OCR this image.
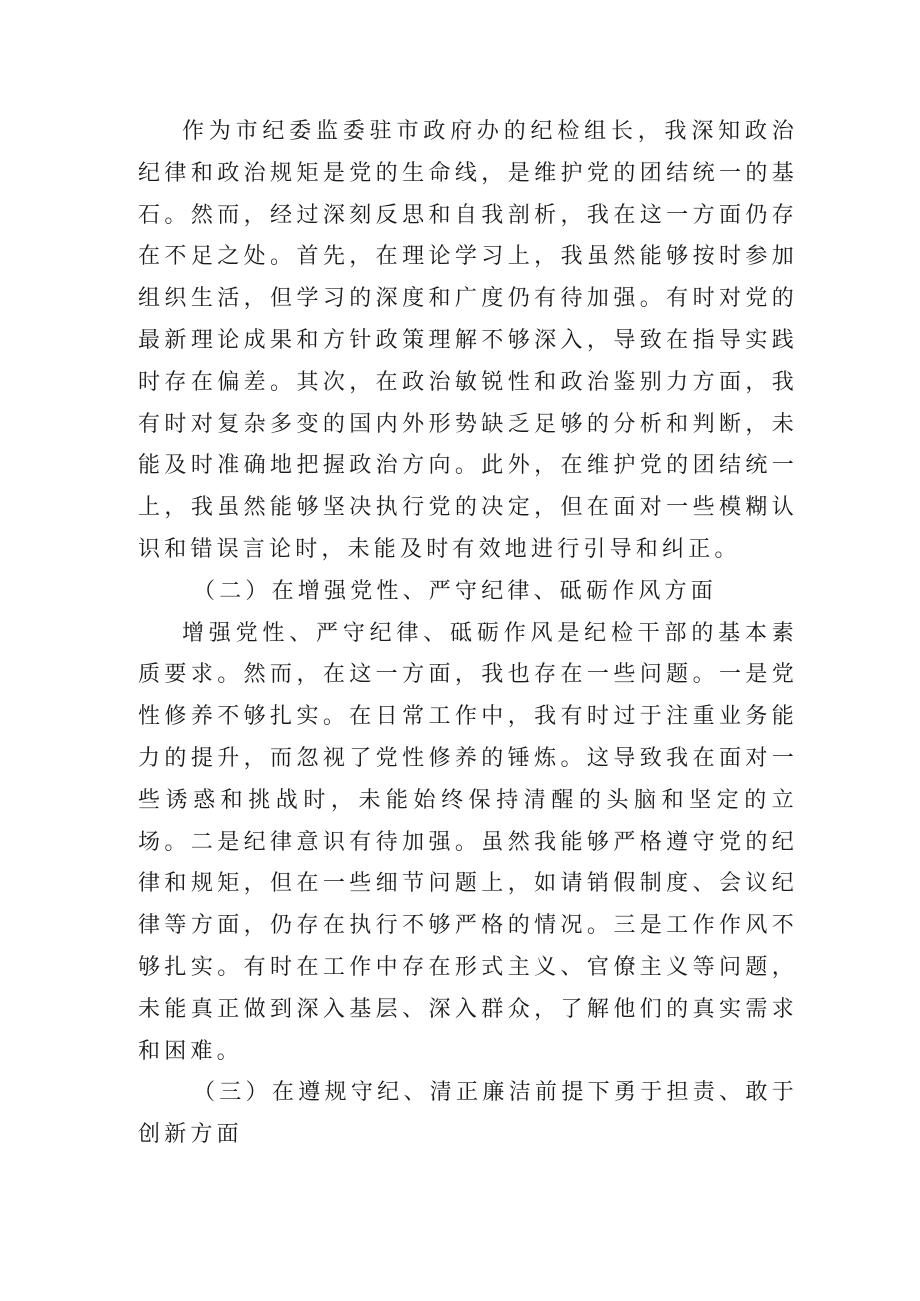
作为市纪委监委驻市政府办的纪检组长，我深知政治纪律和政治规矩是党的生命线，是维护党的团结统一的基石。然而，经过深刻反思和自我剖析，我在这一方面仍存在不足之处。首先，在理论学习上，我虽然能够按时参加组织生活，但学习的深度和广度仍有待加强。有时对党的最新理论成果和方针政策理解不够深入，导致在指导实践时存在偏差。其次，在政治敏锐性和政治鉴别力方面，我有时对复杂多变的国内外形势缺乏足够的分析和判断，未能及时准确地把握政治方向。此外，在维护党的团结统一上，我虽然能够坚决执行党的决定，但在面对一些模糊认识和错误言论时，未能及时有效地进行引导和纠正。

（二）在增强党性、严守纪律、砥砺作风方面

增强党性、严守纪律、砥砺作风是纪检干部的基本素质要求。然而，在这一方面，我也存在一些问题。一是党性修养不够扎实。在日常工作中，我有时过于注重业务能力的提升，而忽视了党性修养的锤炼。这导致我在面对一些诱惑和挑战时，未能始终保持清醒的头脑和坚定的立场。二是纪律意识有待加强。虽然我能够严格遵守党的纪律和规矩，但在一些细节问题上，如请销假制度、会议纪律等方面，仍存在执行不够严格的情况。三是工作作风不够扎实。有时在工作中存在形式主义、官僚主义等问题，未能真正做到深入基层、深入群众，了解他们的真实需求和困难。

（三）在遵规守纪、清正廉洁前提下勇于担责、敢于创新方面
